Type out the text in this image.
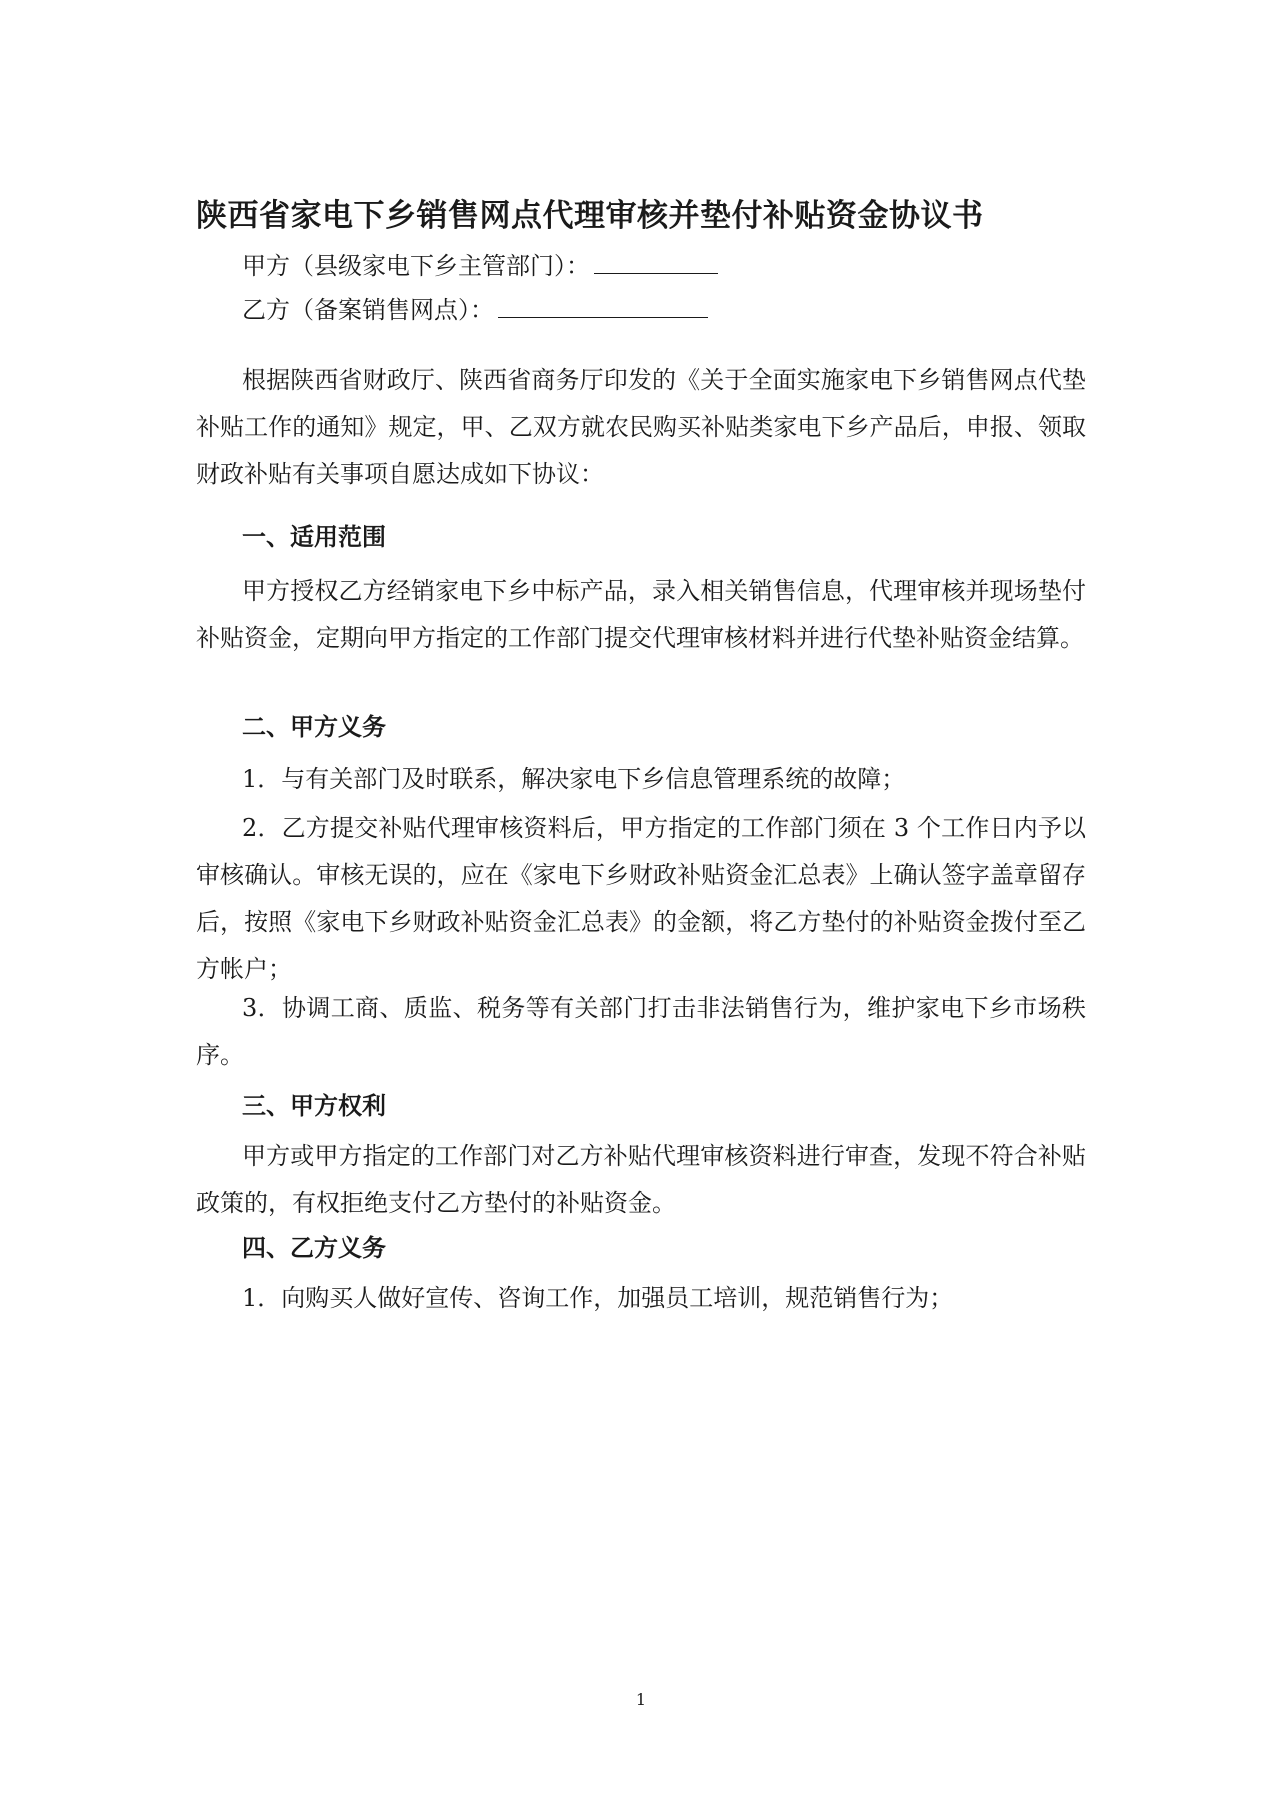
陕西省家电下乡销售网点代理审核并垫付补贴资金协议书
甲方（县级家电下乡主管部门）：
乙方（备案销售网点）：

根据陕西省财政厅、陕西省商务厅印发的《关于全面实施家电下乡销售网点代垫补贴工作的通知》规定，甲、乙双方就农民购买补贴类家电下乡产品后，申报、领取财政补贴有关事项自愿达成如下协议：

一、适用范围

甲方授权乙方经销家电下乡中标产品，录入相关销售信息，代理审核并现场垫付补贴资金，定期向甲方指定的工作部门提交代理审核材料并进行代垫补贴资金结算。

二、甲方义务

1．与有关部门及时联系，解决家电下乡信息管理系统的故障；

2．乙方提交补贴代理审核资料后，甲方指定的工作部门须在 3 个工作日内予以审核确认。审核无误的，应在《家电下乡财政补贴资金汇总表》上确认签字盖章留存后，按照《家电下乡财政补贴资金汇总表》的金额，将乙方垫付的补贴资金拨付至乙方帐户；

3．协调工商、质监、税务等有关部门打击非法销售行为，维护家电下乡市场秩序。

三、甲方权利

甲方或甲方指定的工作部门对乙方补贴代理审核资料进行审查，发现不符合补贴政策的，有权拒绝支付乙方垫付的补贴资金。

四、乙方义务

1．向购买人做好宣传、咨询工作，加强员工培训，规范销售行为；

1
